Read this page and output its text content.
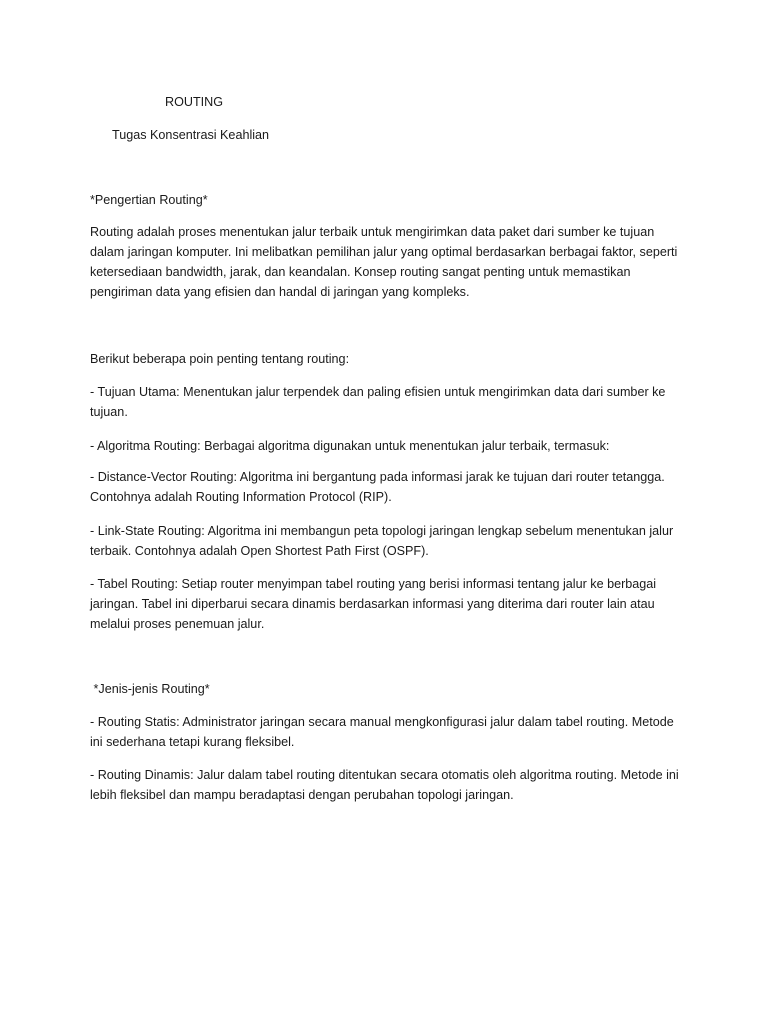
ROUTING

Tugas Konsentrasi Keahlian

*Pengertian Routing*

Routing adalah proses menentukan jalur terbaik untuk mengirimkan data paket dari sumber ke tujuan dalam jaringan komputer. Ini melibatkan pemilihan jalur yang optimal berdasarkan berbagai faktor, seperti ketersediaan bandwidth, jarak, dan keandalan. Konsep routing sangat penting untuk memastikan pengiriman data yang efisien dan handal di jaringan yang kompleks.

Berikut beberapa poin penting tentang routing:

- Tujuan Utama: Menentukan jalur terpendek dan paling efisien untuk mengirimkan data dari sumber ke tujuan.

- Algoritma Routing: Berbagai algoritma digunakan untuk menentukan jalur terbaik, termasuk:

- Distance-Vector Routing: Algoritma ini bergantung pada informasi jarak ke tujuan dari router tetangga. Contohnya adalah Routing Information Protocol (RIP).

- Link-State Routing: Algoritma ini membangun peta topologi jaringan lengkap sebelum menentukan jalur terbaik. Contohnya adalah Open Shortest Path First (OSPF).

- Tabel Routing: Setiap router menyimpan tabel routing yang berisi informasi tentang jalur ke berbagai jaringan. Tabel ini diperbarui secara dinamis berdasarkan informasi yang diterima dari router lain atau melalui proses penemuan jalur.

*Jenis-jenis Routing*

- Routing Statis: Administrator jaringan secara manual mengkonfigurasi jalur dalam tabel routing. Metode ini sederhana tetapi kurang fleksibel.

- Routing Dinamis: Jalur dalam tabel routing ditentukan secara otomatis oleh algoritma routing. Metode ini lebih fleksibel dan mampu beradaptasi dengan perubahan topologi jaringan.
